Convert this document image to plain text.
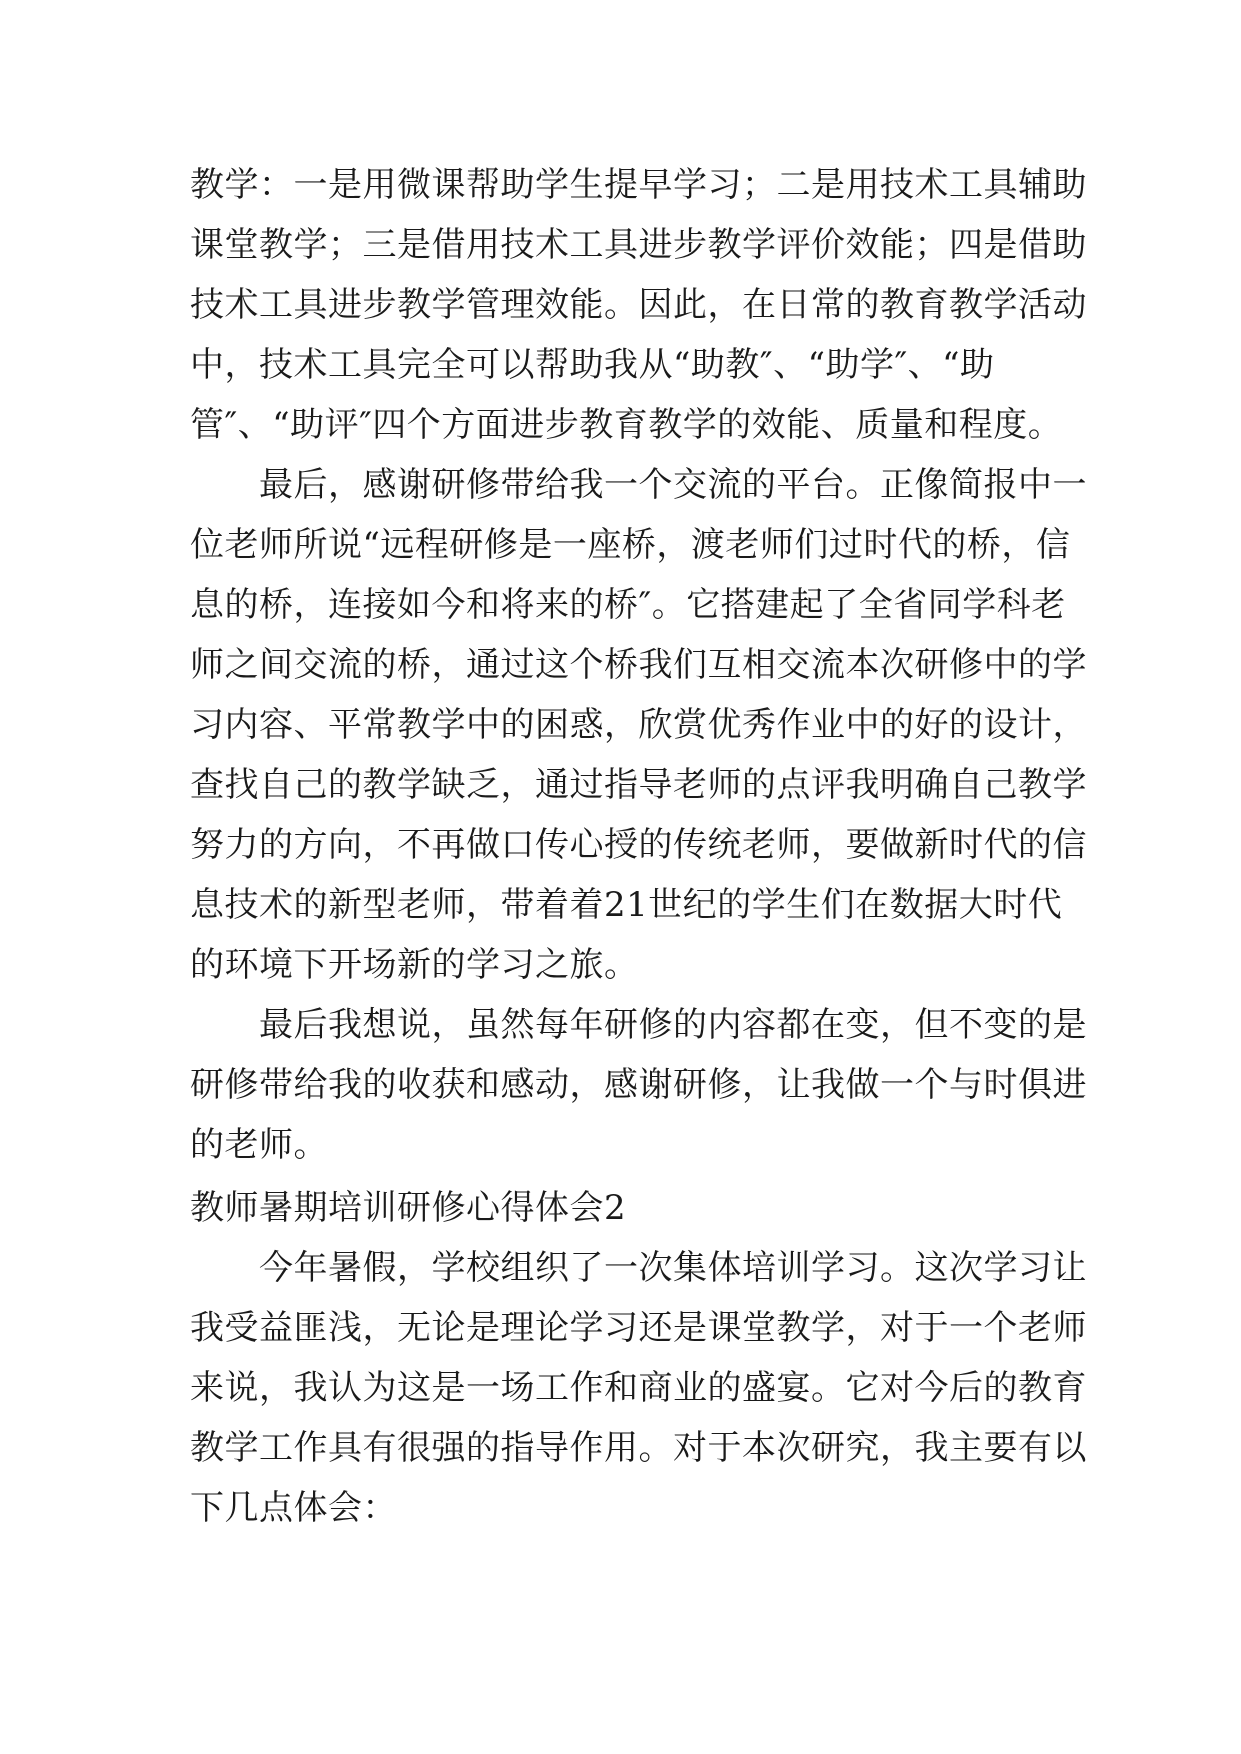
教学：一是用微课帮助学生提早学习；二是用技术工具辅助
课堂教学；三是借用技术工具进步教学评价效能；四是借助
技术工具进步教学管理效能。因此，在日常的教育教学活动
中，技术工具完全可以帮助我从“助教″、“助学″、“助
管″、“助评″四个方面进步教育教学的效能、质量和程度。
　　最后，感谢研修带给我一个交流的平台。正像简报中一
位老师所说“远程研修是一座桥，渡老师们过时代的桥，信
息的桥，连接如今和将来的桥″。它搭建起了全省同学科老
师之间交流的桥，通过这个桥我们互相交流本次研修中的学
习内容、平常教学中的困惑，欣赏优秀作业中的好的设计，
查找自己的教学缺乏，通过指导老师的点评我明确自己教学
努力的方向，不再做口传心授的传统老师，要做新时代的信
息技术的新型老师，带着着21世纪的学生们在数据大时代
的环境下开场新的学习之旅。
　　最后我想说，虽然每年研修的内容都在变，但不变的是
研修带给我的收获和感动，感谢研修，让我做一个与时俱进
的老师。
教师暑期培训研修心得体会2
　　今年暑假，学校组织了一次集体培训学习。这次学习让
我受益匪浅，无论是理论学习还是课堂教学，对于一个老师
来说，我认为这是一场工作和商业的盛宴。它对今后的教育
教学工作具有很强的指导作用。对于本次研究，我主要有以
下几点体会：
